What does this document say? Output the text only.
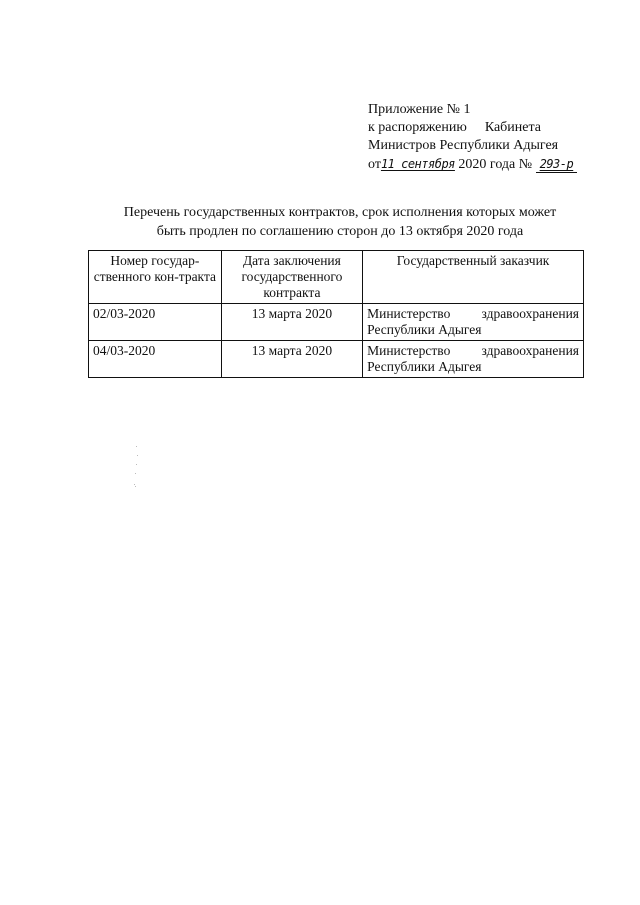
Приложение № 1
к распоряжению Кабинета
Министров Республики Адыгея
от11 сентября 2020 года № 293-р
Перечень государственных контрактов, срок исполнения которых может
быть продлен по соглашению сторон до 13 октября 2020 года
Номер государ-ственного кон-тракта	Дата заключения государственного контракта	Государственный заказчик
02/03-2020	13 марта 2020	Министерство здравоохранения Республики Адыгея
04/03-2020	13 марта 2020	Министерство здравоохранения Республики Адыгея
